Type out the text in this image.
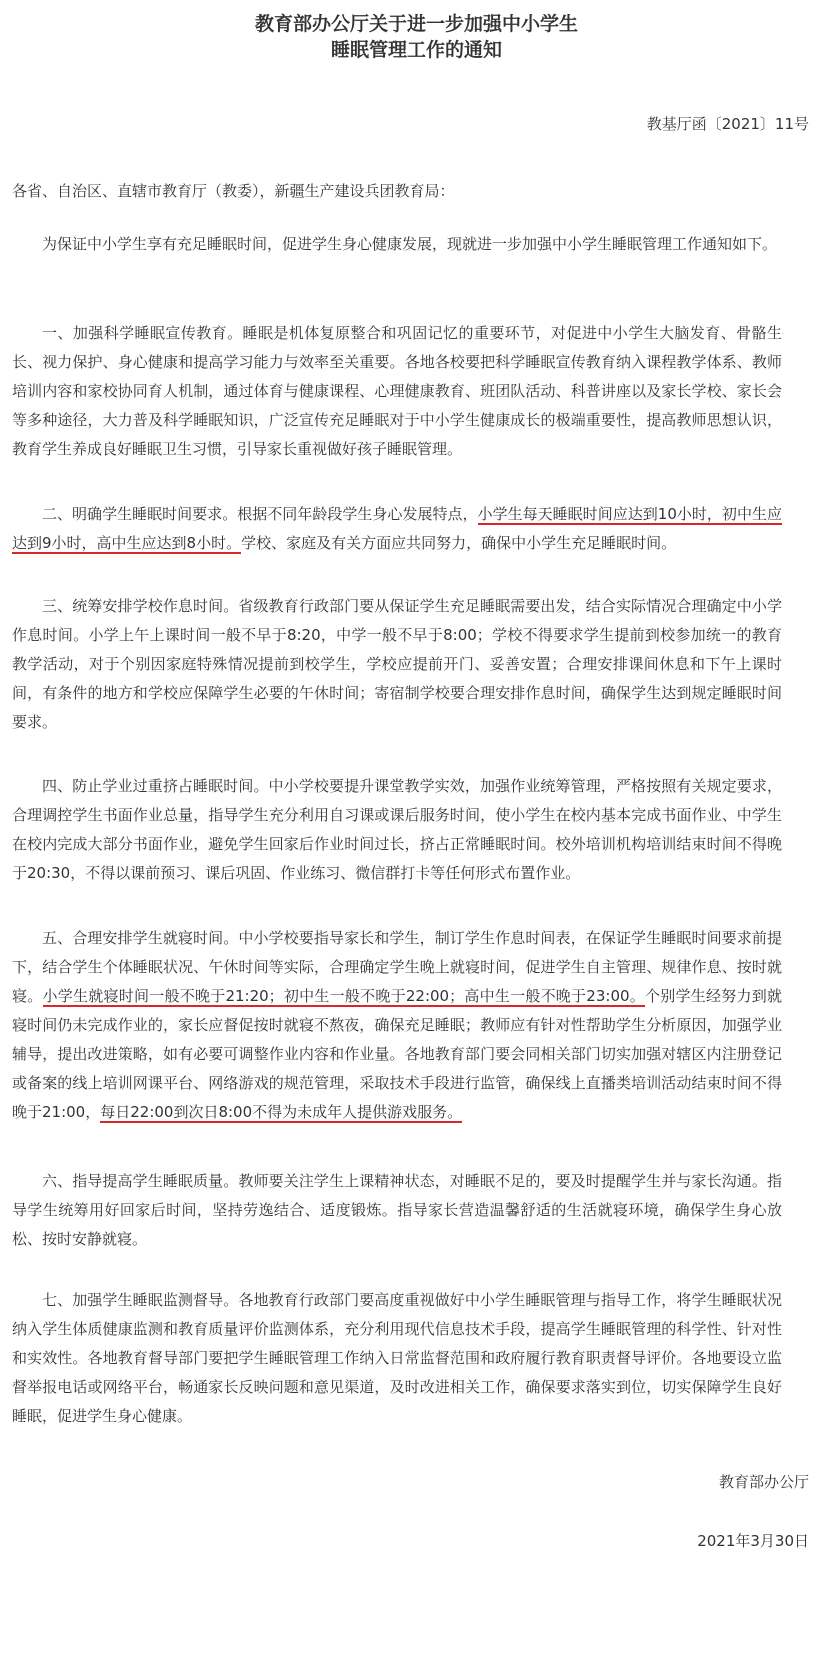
教育部办公厅关于进一步加强中小学生
睡眠管理工作的通知
教基厅函〔2021〕11号
各省、自治区、直辖市教育厅（教委），新疆生产建设兵团教育局：
为保证中小学生享有充足睡眠时间，促进学生身心健康发展，现就进一步加强中小学生睡眠管理工作通知如下。
一、加强科学睡眠宣传教育。睡眠是机体复原整合和巩固记忆的重要环节，对促进中小学生大脑发育、骨骼生长、视力保护、身心健康和提高学习能力与效率至关重要。各地各校要把科学睡眠宣传教育纳入课程教学体系、教师培训内容和家校协同育人机制，通过体育与健康课程、心理健康教育、班团队活动、科普讲座以及家长学校、家长会等多种途径，大力普及科学睡眠知识，广泛宣传充足睡眠对于中小学生健康成长的极端重要性，提高教师思想认识，教育学生养成良好睡眠卫生习惯，引导家长重视做好孩子睡眠管理。
二、明确学生睡眠时间要求。根据不同年龄段学生身心发展特点，小学生每天睡眠时间应达到10小时，初中生应达到9小时，高中生应达到8小时。学校、家庭及有关方面应共同努力，确保中小学生充足睡眠时间。
三、统筹安排学校作息时间。省级教育行政部门要从保证学生充足睡眠需要出发，结合实际情况合理确定中小学作息时间。小学上午上课时间一般不早于8:20，中学一般不早于8:00；学校不得要求学生提前到校参加统一的教育教学活动，对于个别因家庭特殊情况提前到校学生，学校应提前开门、妥善安置；合理安排课间休息和下午上课时间，有条件的地方和学校应保障学生必要的午休时间；寄宿制学校要合理安排作息时间，确保学生达到规定睡眠时间要求。
四、防止学业过重挤占睡眠时间。中小学校要提升课堂教学实效，加强作业统筹管理，严格按照有关规定要求，合理调控学生书面作业总量，指导学生充分利用自习课或课后服务时间，使小学生在校内基本完成书面作业、中学生在校内完成大部分书面作业，避免学生回家后作业时间过长，挤占正常睡眠时间。校外培训机构培训结束时间不得晚于20:30，不得以课前预习、课后巩固、作业练习、微信群打卡等任何形式布置作业。
五、合理安排学生就寝时间。中小学校要指导家长和学生，制订学生作息时间表，在保证学生睡眠时间要求前提下，结合学生个体睡眠状况、午休时间等实际，合理确定学生晚上就寝时间，促进学生自主管理、规律作息、按时就寝。小学生就寝时间一般不晚于21:20；初中生一般不晚于22:00；高中生一般不晚于23:00。个别学生经努力到就寝时间仍未完成作业的，家长应督促按时就寝不熬夜，确保充足睡眠；教师应有针对性帮助学生分析原因，加强学业辅导，提出改进策略，如有必要可调整作业内容和作业量。各地教育部门要会同相关部门切实加强对辖区内注册登记或备案的线上培训网课平台、网络游戏的规范管理，采取技术手段进行监管，确保线上直播类培训活动结束时间不得晚于21:00，每日22:00到次日8:00不得为未成年人提供游戏服务。
六、指导提高学生睡眠质量。教师要关注学生上课精神状态，对睡眠不足的，要及时提醒学生并与家长沟通。指导学生统筹用好回家后时间，坚持劳逸结合、适度锻炼。指导家长营造温馨舒适的生活就寝环境，确保学生身心放松、按时安静就寝。
七、加强学生睡眠监测督导。各地教育行政部门要高度重视做好中小学生睡眠管理与指导工作，将学生睡眠状况纳入学生体质健康监测和教育质量评价监测体系，充分利用现代信息技术手段，提高学生睡眠管理的科学性、针对性和实效性。各地教育督导部门要把学生睡眠管理工作纳入日常监督范围和政府履行教育职责督导评价。各地要设立监督举报电话或网络平台，畅通家长反映问题和意见渠道，及时改进相关工作，确保要求落实到位，切实保障学生良好睡眠，促进学生身心健康。
教育部办公厅
2021年3月30日
